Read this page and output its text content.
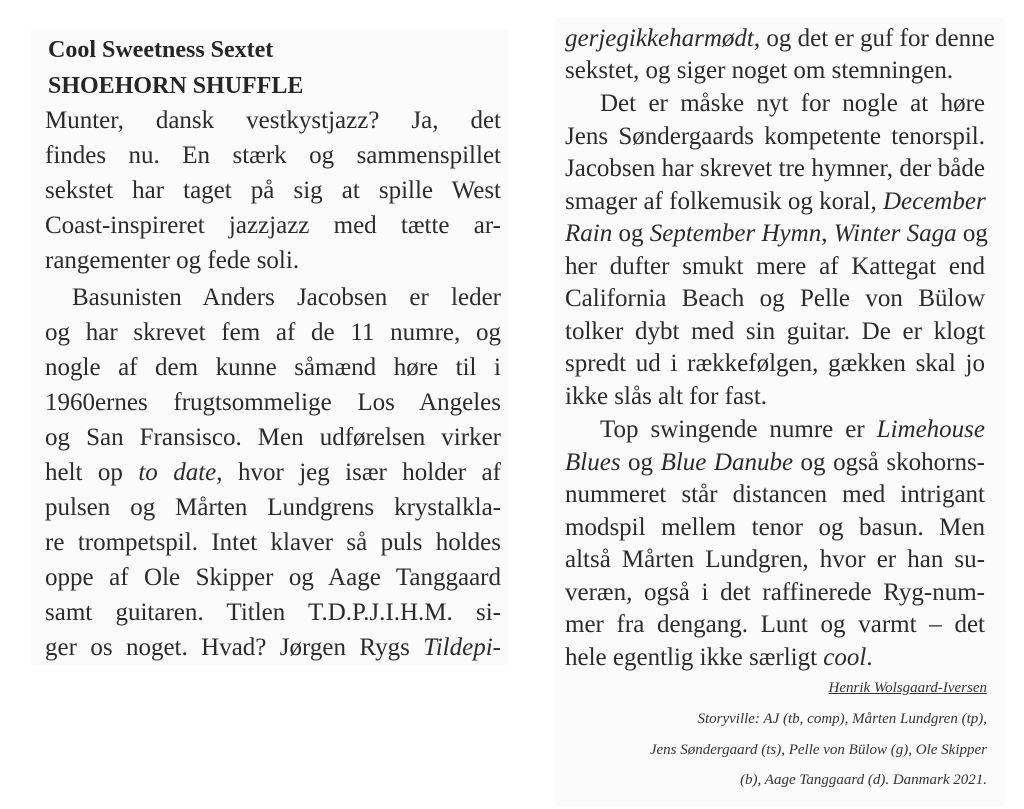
Cool Sweetness Sextet
SHOEHORN SHUFFLE
Munter, dansk vestkystjazz? Ja, det
findes nu. En stærk og sammenspillet
sekstet har taget på sig at spille West
Coast-inspireret jazzjazz med tætte ar-
rangementer og fede soli.
Basunisten Anders Jacobsen er leder
og har skrevet fem af de 11 numre, og
nogle af dem kunne såmænd høre til i
1960ernes frugtsommelige Los Angeles
og San Fransisco. Men udførelsen virker
helt op to date, hvor jeg især holder af
pulsen og Mårten Lundgrens krystalkla-
re trompetspil. Intet klaver så puls holdes
oppe af Ole Skipper og Aage Tanggaard
samt guitaren. Titlen T.D.P.J.I.H.M. si-
ger os noget. Hvad? Jørgen Rygs Tildepi-
gerjegikkeharmødt, og det er guf for denne
sekstet, og siger noget om stemningen.
Det er måske nyt for nogle at høre
Jens Søndergaards kompetente tenorspil.
Jacobsen har skrevet tre hymner, der både
smager af folkemusik og koral, December
Rain og September Hymn, Winter Saga og
her dufter smukt mere af Kattegat end
California Beach og Pelle von Bülow
tolker dybt med sin guitar. De er klogt
spredt ud i rækkefølgen, gækken skal jo
ikke slås alt for fast.
Top swingende numre er Limehouse
Blues og Blue Danube og også skohorns-
nummeret står distancen med intrigant
modspil mellem tenor og basun. Men
altså Mårten Lundgren, hvor er han su-
veræn, også i det raffinerede Ryg-num-
mer fra dengang. Lunt og varmt – det
hele egentlig ikke særligt cool.
Henrik Wolsgaard-Iversen
Storyville: AJ (tb, comp), Mårten Lundgren (tp),
Jens Søndergaard (ts), Pelle von Bülow (g), Ole Skipper
(b), Aage Tanggaard (d). Danmark 2021.
